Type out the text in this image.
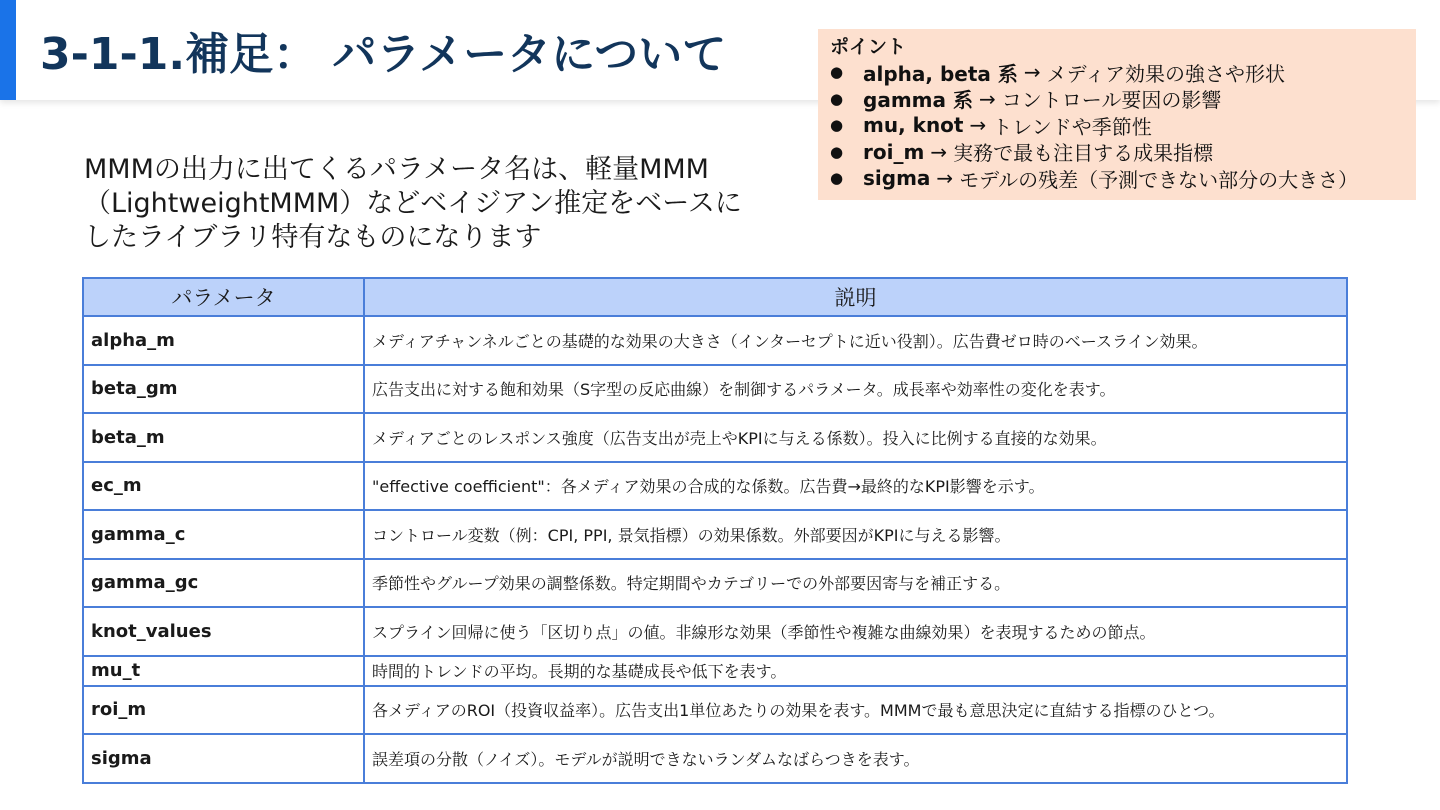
3-1-1.補足： パラメータについて	ポイント
● alpha, beta 系 → メディア効果の強さや形状
● gamma 系 → コントロール要因の影響
● mu, knot → トレンドや季節性
● roi_m → 実務で最も注目する成果指標
● sigma → モデルの残差（予測できない部分の大きさ）
MMMの出力に出てくるパラメータ名は、軽量MMM
（LightweightMMM）などベイジアン推定をベースに
したライブラリ特有なものになります
パラメータ	説明
alpha_m	メディアチャンネルごとの基礎的な効果の大きさ（インターセプトに近い役割）。広告費ゼロ時のベースライン効果。
beta_gm	広告支出に対する飽和効果（S字型の反応曲線）を制御するパラメータ。成長率や効率性の変化を表す。
beta_m	メディアごとのレスポンス強度（広告支出が売上やKPIに与える係数）。投入に比例する直接的な効果。
ec_m	"effective coefficient"：各メディア効果の合成的な係数。広告費→最終的なKPI影響を示す。
gamma_c	コントロール変数（例：CPI, PPI, 景気指標）の効果係数。外部要因がKPIに与える影響。
gamma_gc	季節性やグループ効果の調整係数。特定期間やカテゴリーでの外部要因寄与を補正する。
knot_values	スプライン回帰に使う「区切り点」の値。非線形な効果（季節性や複雑な曲線効果）を表現するための節点。
mu_t	時間的トレンドの平均。長期的な基礎成長や低下を表す。
roi_m	各メディアのROI（投資収益率）。広告支出1単位あたりの効果を表す。MMMで最も意思決定に直結する指標のひとつ。
sigma	誤差項の分散（ノイズ）。モデルが説明できないランダムなばらつきを表す。
